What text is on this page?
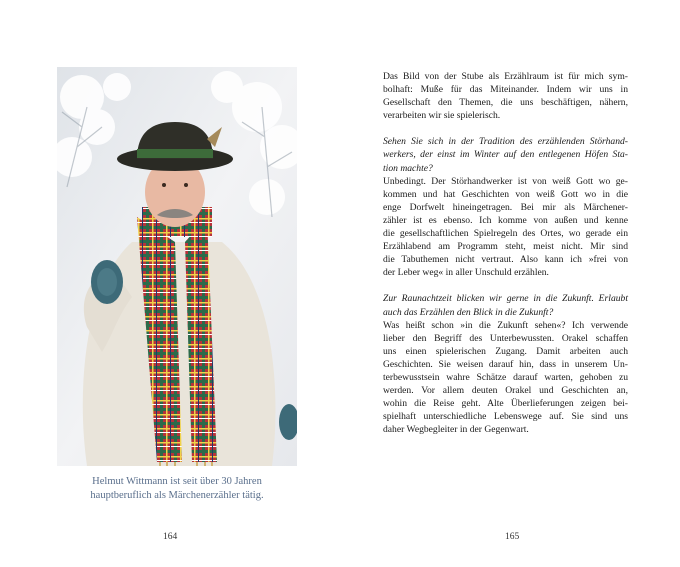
Helmut Wittmann ist seit über 30 Jahren
hauptberuflich als Märchenerzähler tätig.
164

Das Bild von der Stube als Erzählraum ist für mich sym-
bolhaft: Muße für das Miteinander. Indem wir uns in
Gesellschaft den Themen, die uns beschäftigen, nähern,
verarbeiten wir sie spielerisch.

Sehen Sie sich in der Tradition des erzählenden Störhand-
werkers, der einst im Winter auf den entlegenen Höfen Sta-
tion machte?

Unbedingt. Der Störhandwerker ist von weiß Gott wo ge-
kommen und hat Geschichten von weiß Gott wo in die
enge Dorfwelt hineingetragen. Bei mir als Märchener-
zähler ist es ebenso. Ich komme von außen und kenne
die gesellschaftlichen Spielregeln des Ortes, wo gerade ein
Erzählabend am Programm steht, meist nicht. Mir sind
die Tabuthemen nicht vertraut. Also kann ich »frei von
der Leber weg« in aller Unschuld erzählen.

Zur Raunachtzeit blicken wir gerne in die Zukunft. Erlaubt
auch das Erzählen den Blick in die Zukunft?

Was heißt schon »in die Zukunft sehen«? Ich verwende
lieber den Begriff des Unterbewussten. Orakel schaffen
uns einen spielerischen Zugang. Damit arbeiten auch
Geschichten. Sie weisen darauf hin, dass in unserem Un-
terbewusstsein wahre Schätze darauf warten, gehoben zu
werden. Vor allem deuten Orakel und Geschichten an,
wohin die Reise geht. Alte Überlieferungen zeigen bei-
spielhaft unterschiedliche Lebenswege auf. Sie sind uns
daher Wegbegleiter in der Gegenwart.

165
